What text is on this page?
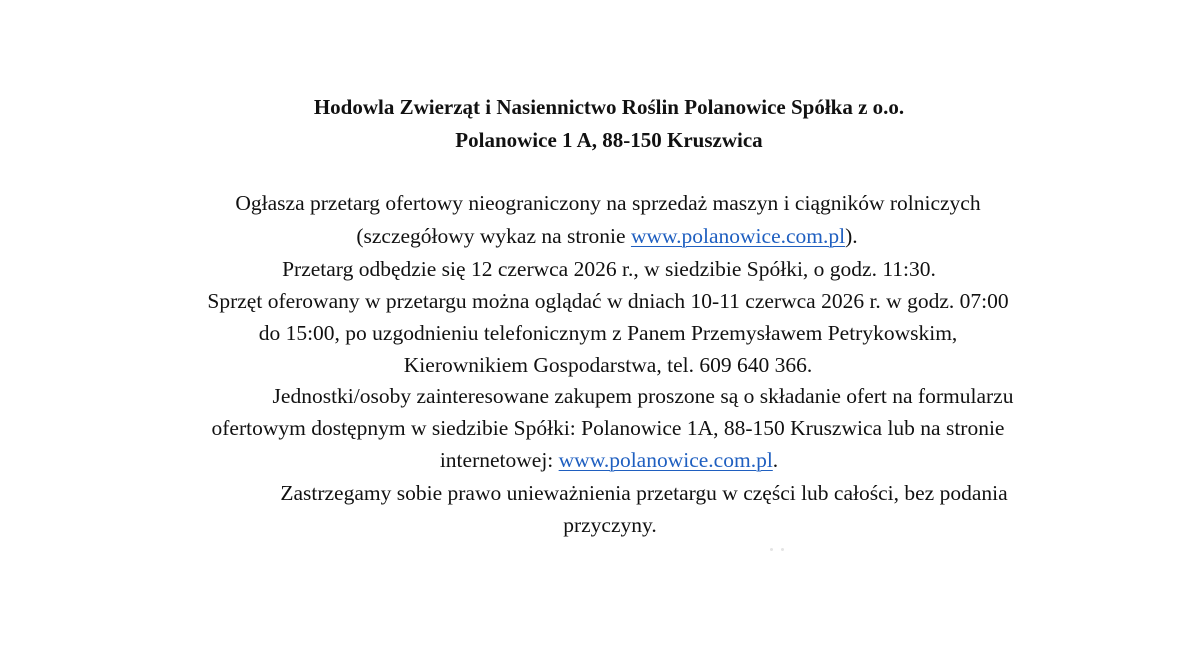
Hodowla Zwierząt i Nasiennictwo Roślin Polanowice Spółka z o.o.
Polanowice 1 A, 88-150 Kruszwica
Ogłasza przetarg ofertowy nieograniczony na sprzedaż maszyn i ciągników rolniczych
(szczegółowy wykaz na stronie www.polanowice.com.pl).
Przetarg odbędzie się 12 czerwca 2026 r., w siedzibie Spółki, o godz. 11:30.
Sprzęt oferowany w przetargu można oglądać w dniach 10-11 czerwca 2026 r. w godz. 07:00
do 15:00, po uzgodnieniu telefonicznym z Panem Przemysławem Petrykowskim,
Kierownikiem Gospodarstwa, tel. 609 640 366.
Jednostki/osoby zainteresowane zakupem proszone są o składanie ofert na formularzu
ofertowym dostępnym w siedzibie Spółki: Polanowice 1A, 88-150 Kruszwica lub na stronie
internetowej: www.polanowice.com.pl.
Zastrzegamy sobie prawo unieważnienia przetargu w części lub całości, bez podania
przyczyny.
